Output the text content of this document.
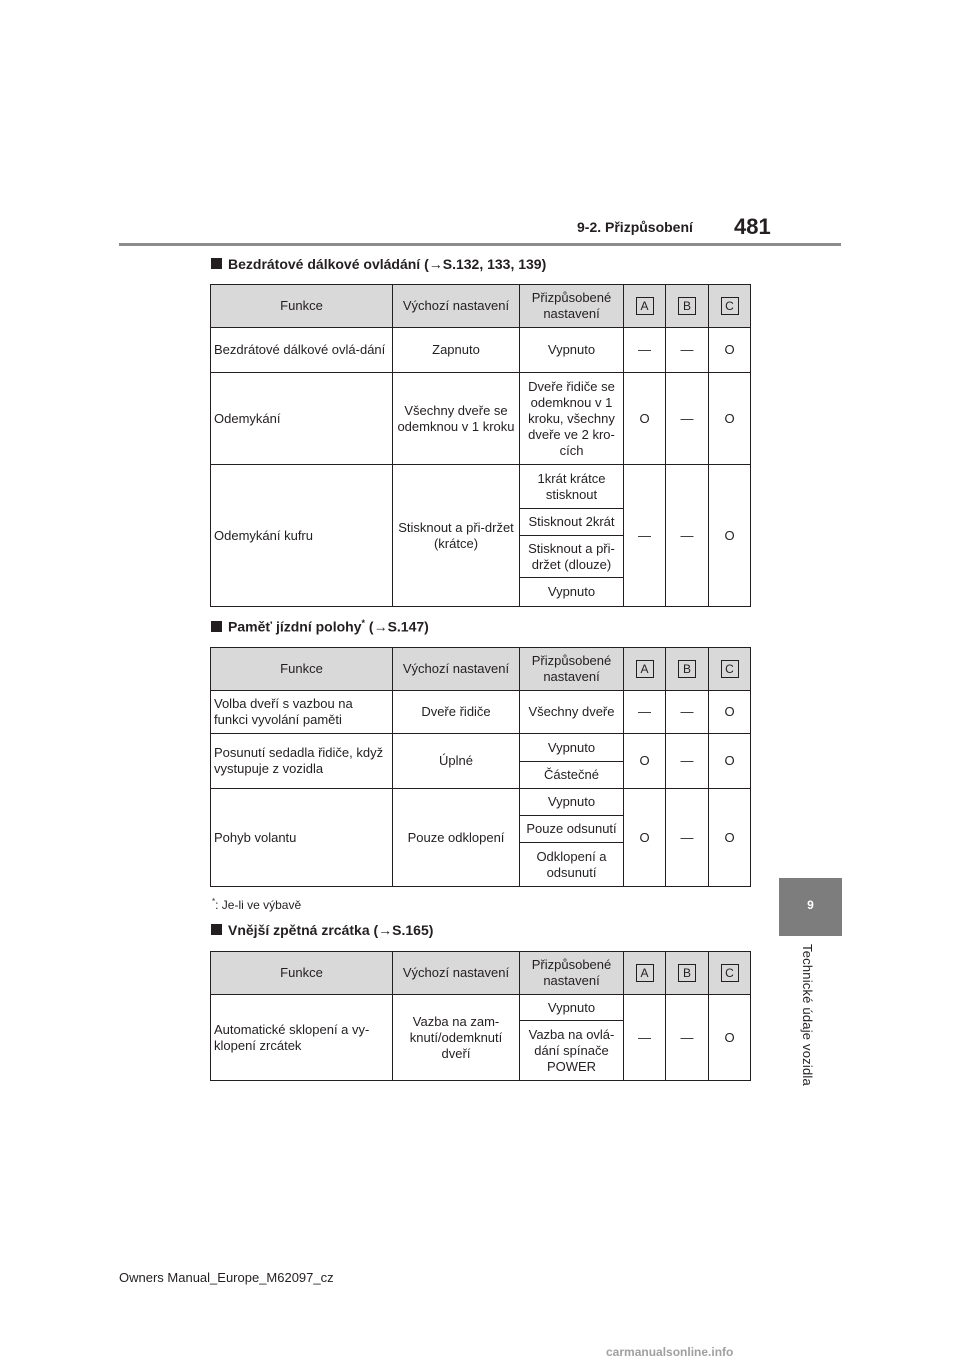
9-2. Přizpůsobení 481
9
Technické údaje vozidla
Bezdrátové dálkové ovládání (→S.132, 133, 139)
Funkce	Výchozí nastavení	Přizpůsobené nastavení	A	B	C
Bezdrátové dálkové ovlá-dání	Zapnuto	Vypnuto	—	—	O
Odemykání	Všechny dveře se odemknou v 1 kroku	Dveře řidiče se odemknou v 1 kroku, všechny dveře ve 2 kro-cích	O	—	O
Odemykání kufru	Stisknout a při-držet (krátce)	1krát krátce stisknout	—	—	O
		Stisknout 2krát			
		Stisknout a při-držet (dlouze)			
		Vypnuto			
Paměť jízdní polohy* (→S.147)
Funkce	Výchozí nastavení	Přizpůsobené nastavení	A	B	C
Volba dveří s vazbou na funkci vyvolání paměti	Dveře řidiče	Všechny dveře	—	—	O
Posunutí sedadla řidiče, když vystupuje z vozidla	Úplné	Vypnuto	O	—	O
		Částečné			
Pohyb volantu	Pouze odklopení	Vypnuto	O	—	O
		Pouze odsunutí			
		Odklopení a odsunutí			
*: Je-li ve výbavě
Vnější zpětná zrcátka (→S.165)
Funkce	Výchozí nastavení	Přizpůsobené nastavení	A	B	C
Automatické sklopení a vy-klopení zrcátek	Vazba na zam-knutí/odemknutí dveří	Vypnuto	—	—	O
		Vazba na ovlá-dání spínače POWER			
Owners Manual_Europe_M62097_cz
carmanualsonline.info
